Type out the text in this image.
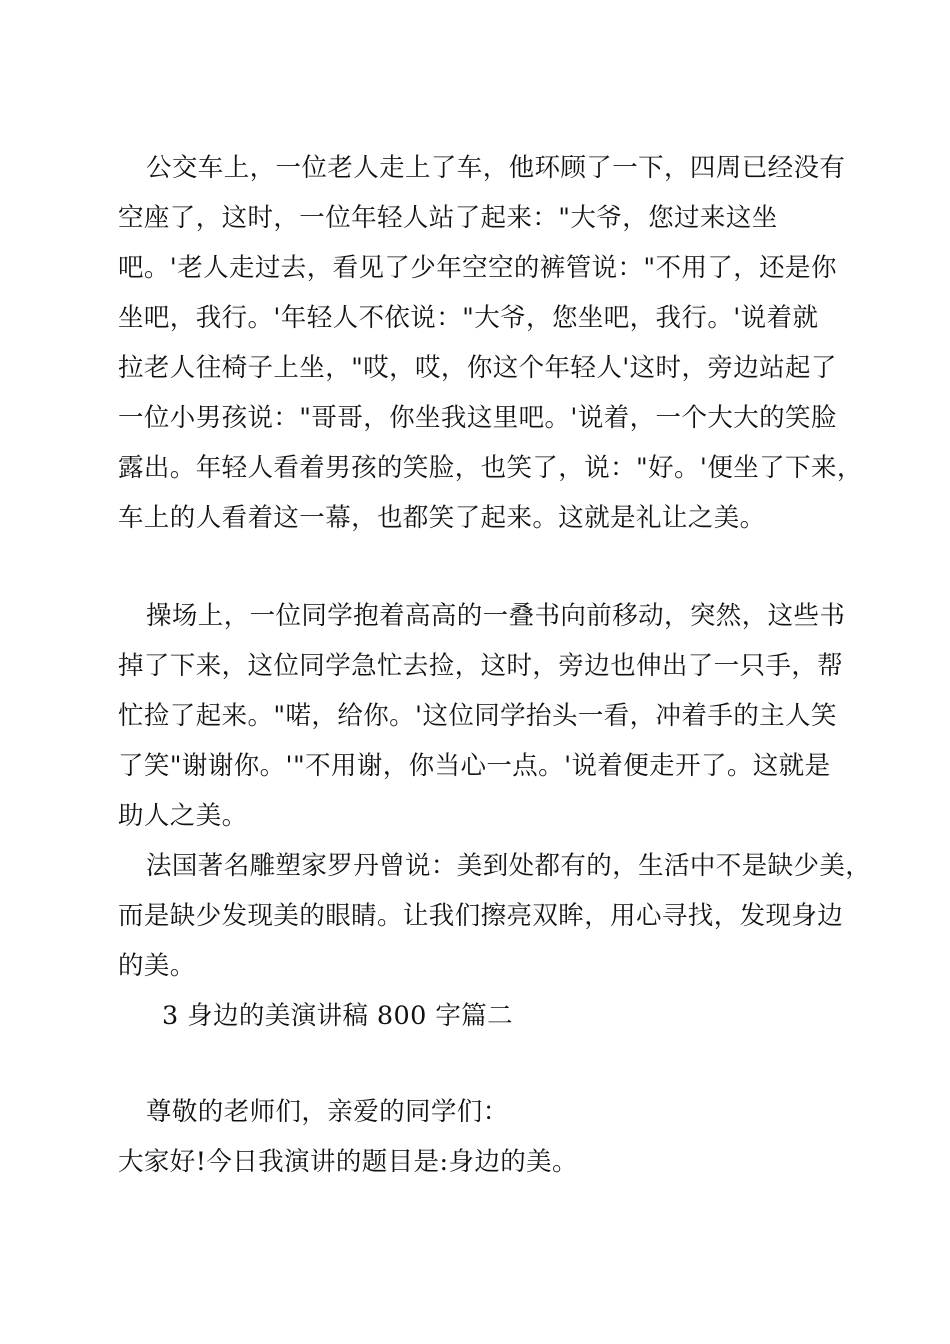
公交车上，一位老人走上了车，他环顾了一下，四周已经没有
空座了，这时，一位年轻人站了起来："大爷，您过来这坐
吧。'老人走过去，看见了少年空空的裤管说："不用了，还是你
坐吧，我行。'年轻人不依说："大爷，您坐吧，我行。'说着就
拉老人往椅子上坐，"哎，哎，你这个年轻人'这时，旁边站起了
一位小男孩说："哥哥，你坐我这里吧。'说着，一个大大的笑脸
露出。年轻人看着男孩的笑脸，也笑了，说："好。'便坐了下来，
车上的人看着这一幕，也都笑了起来。这就是礼让之美。
操场上，一位同学抱着高高的一叠书向前移动，突然，这些书
掉了下来，这位同学急忙去捡，这时，旁边也伸出了一只手，帮
忙捡了起来。"喏，给你。'这位同学抬头一看，冲着手的主人笑
了笑"谢谢你。'"不用谢，你当心一点。'说着便走开了。这就是
助人之美。
法国著名雕塑家罗丹曾说：美到处都有的，生活中不是缺少美，
而是缺少发现美的眼睛。让我们擦亮双眸，用心寻找，发现身边
的美。
3 身边的美演讲稿 800 字篇二
尊敬的老师们，亲爱的同学们：
大家好!今日我演讲的题目是:身边的美。
